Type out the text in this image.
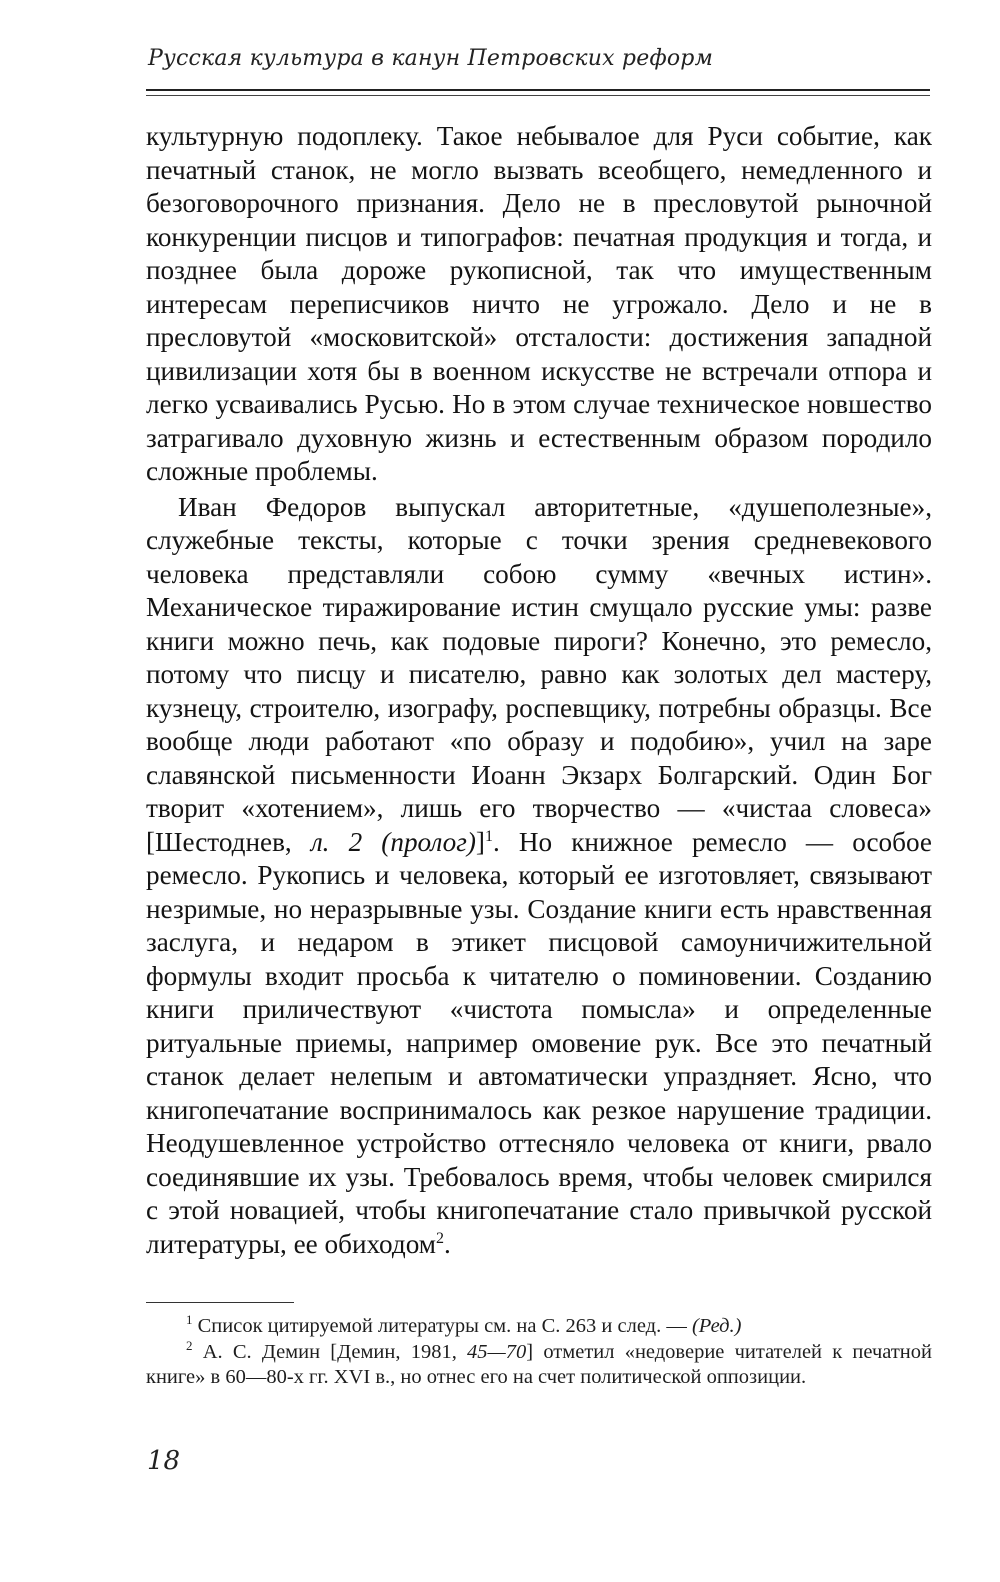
Русская культура в канун Петровских реформ

культурную подоплеку. Такое небывалое для Руси событие, как печатный станок, не могло вызвать всеобщего, немедленного и безоговорочного признания. Дело не в пресловутой рыночной конкуренции писцов и типографов: печатная продукция и тогда, и позднее была дороже рукописной, так что имущественным интересам переписчиков ничто не угрожало. Дело и не в пресловутой «московитской» отсталости: достижения западной цивилизации хотя бы в военном искусстве не встречали отпора и легко усваивались Русью. Но в этом случае техническое новшество затрагивало духовную жизнь и естественным образом породило сложные проблемы.

Иван Федоров выпускал авторитетные, «душеполезные», служебные тексты, которые с точки зрения средневекового человека представляли собою сумму «вечных истин». Механическое тиражирование истин смущало русские умы: разве книги можно печь, как подовые пироги? Конечно, это ремесло, потому что писцу и писателю, равно как золотых дел мастеру, кузнецу, строителю, изографу, роспевщику, потребны образцы. Все вообще люди работают «по образу и подобию», учил на заре славянской письменности Иоанн Экзарх Болгарский. Один Бог творит «хотением», лишь его творчество — «чистаа словеса» [Шестоднев, л. 2 (пролог)]$^1$. Но книжное ремесло — особое ремесло. Рукопись и человека, который ее изготовляет, связывают незримые, но неразрывные узы. Создание книги есть нравственная заслуга, и недаром в этикет писцовой самоуничижительной формулы входит просьба к читателю о поминовении. Созданию книги приличествуют «чистота помысла» и определенные ритуальные приемы, например омовение рук. Все это печатный станок делает нелепым и автоматически упраздняет. Ясно, что книгопечатание воспринималось как резкое нарушение традиции. Неодушевленное устройство оттесняло человека от книги, рвало соединявшие их узы. Требовалось время, чтобы человек смирился с этой новацией, чтобы книгопечатание стало привычкой русской литературы, ее обиходом$^2$.

$^1$ Список цитируемой литературы см. на С. 263 и след. — (Ред.)

$^2$ А. С. Демин [Демин, 1981, 45—70] отметил «недоверие читателей к печатной книге» в 60—80-х гг. XVI в., но отнес его на счет политической оппозиции.

18
